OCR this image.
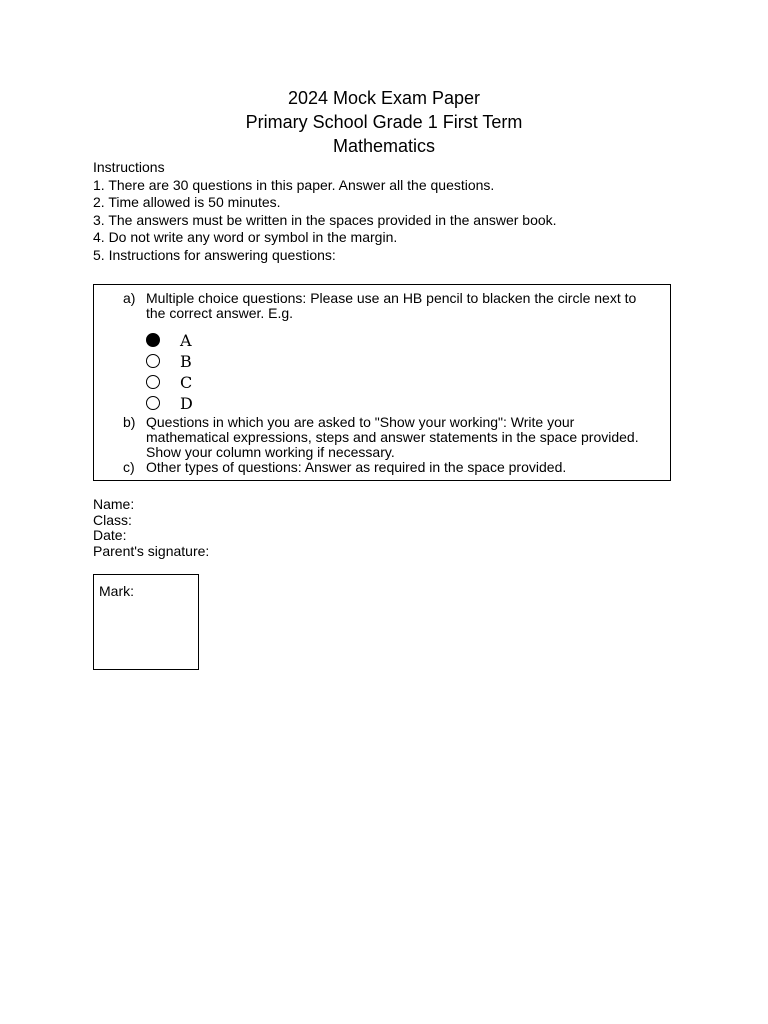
2024 Mock Exam Paper
Primary School Grade 1 First Term
Mathematics
Instructions
1. There are 30 questions in this paper. Answer all the questions.
2. Time allowed is 50 minutes.
3. The answers must be written in the spaces provided in the answer book.
4. Do not write any word or symbol in the margin.
5. Instructions for answering questions:
a) Multiple choice questions: Please use an HB pencil to blacken the circle next to
the correct answer. E.g.
A
B
C
D
b) Questions in which you are asked to "Show your working": Write your
mathematical expressions, steps and answer statements in the space provided.
Show your column working if necessary.
c) Other types of questions: Answer as required in the space provided.
Name:
Class:
Date:
Parent's signature:
Mark:
